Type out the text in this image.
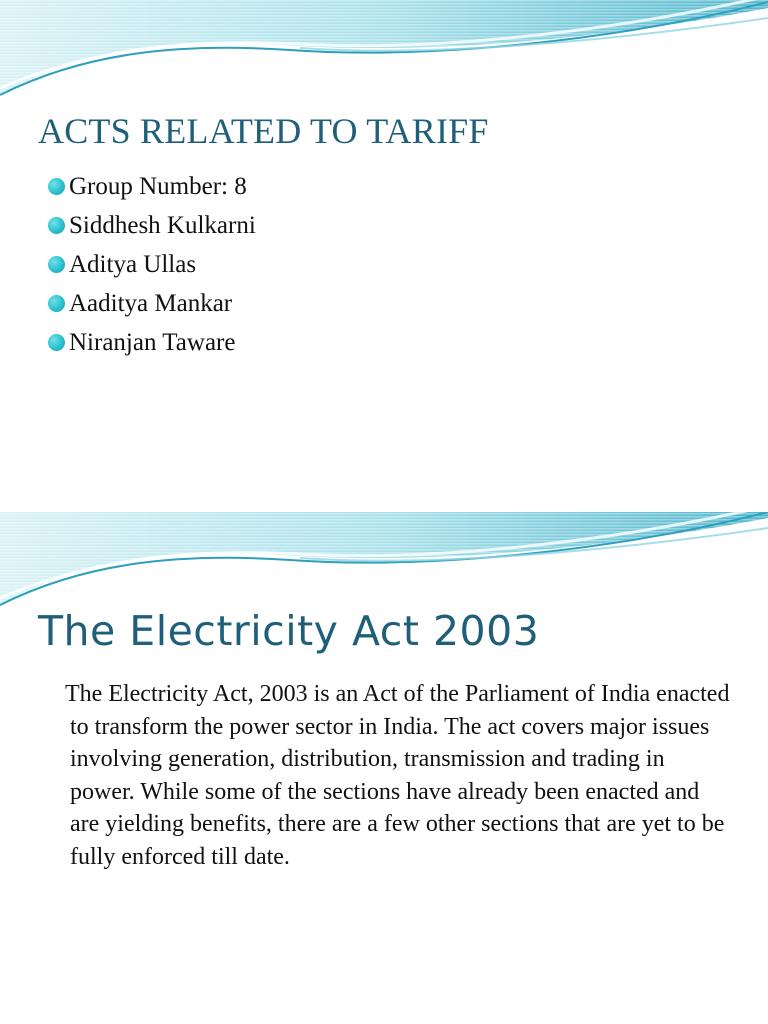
ACTS RELATED TO TARIFF
Group Number: 8
Siddhesh Kulkarni
Aditya Ullas
Aaditya Mankar
Niranjan Taware
The Electricity Act 2003

The Electricity Act, 2003 is an Act of the Parliament of India enacted to transform the power sector in India. The act covers major issues involving generation, distribution, transmission and trading in power. While some of the sections have already been enacted and are yielding benefits, there are a few other sections that are yet to be fully enforced till date.
